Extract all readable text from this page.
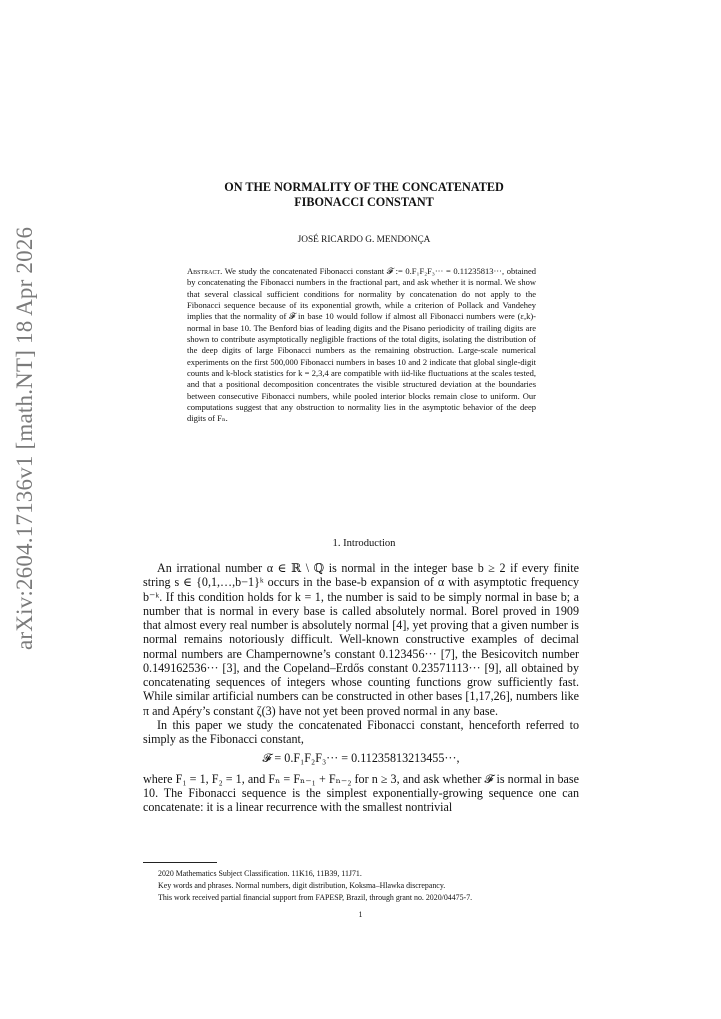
arXiv:2604.17136v1 [math.NT] 18 Apr 2026
ON THE NORMALITY OF THE CONCATENATED
FIBONACCI CONSTANT
JOSÉ RICARDO G. MENDONÇA
Abstract. We study the concatenated Fibonacci constant 𝓕 := 0.F₁F₂F₃··· = 0.11235813···, obtained by concatenating the Fibonacci numbers in the fractional part, and ask whether it is normal. We show that several classical sufficient conditions for normality by concatenation do not apply to the Fibonacci sequence because of its exponential growth, while a criterion of Pollack and Vandehey implies that the normality of 𝓕 in base 10 would follow if almost all Fibonacci numbers were (ε,k)-normal in base 10. The Benford bias of leading digits and the Pisano periodicity of trailing digits are shown to contribute asymptotically negligible fractions of the total digits, isolating the distribution of the deep digits of large Fibonacci numbers as the remaining obstruction. Large-scale numerical experiments on the first 500,000 Fibonacci numbers in bases 10 and 2 indicate that global single-digit counts and k-block statistics for k = 2,3,4 are compatible with iid-like fluctuations at the scales tested, and that a positional decomposition concentrates the visible structured deviation at the boundaries between consecutive Fibonacci numbers, while pooled interior blocks remain close to uniform. Our computations suggest that any obstruction to normality lies in the asymptotic behavior of the deep digits of Fₙ.
1. Introduction

An irrational number α ∈ ℝ \ ℚ is normal in the integer base b ≥ 2 if every finite string s ∈ {0,1,…,b−1}ᵏ occurs in the base-b expansion of α with asymptotic frequency b⁻ᵏ. If this condition holds for k = 1, the number is said to be simply normal in base b; a number that is normal in every base is called absolutely normal. Borel proved in 1909 that almost every real number is absolutely normal [4], yet proving that a given number is normal remains notoriously difficult. Well-known constructive examples of decimal normal numbers are Champernowne’s constant 0.123456··· [7], the Besicovitch number 0.149162536··· [3], and the Copeland–Erdős constant 0.23571113··· [9], all obtained by concatenating sequences of integers whose counting functions grow sufficiently fast. While similar artificial numbers can be constructed in other bases [1,17,26], numbers like π and Apéry’s constant ζ(3) have not yet been proved normal in any base.

In this paper we study the concatenated Fibonacci constant, henceforth referred to simply as the Fibonacci constant,

𝓕 = 0.F₁F₂F₃··· = 0.11235813213455···,

where F₁ = 1, F₂ = 1, and Fₙ = Fₙ₋₁ + Fₙ₋₂ for n ≥ 3, and ask whether 𝓕 is normal in base 10. The Fibonacci sequence is the simplest exponentially-growing sequence one can concatenate: it is a linear recurrence with the smallest nontrivial

2020 Mathematics Subject Classification. 11K16, 11B39, 11J71.
Key words and phrases. Normal numbers, digit distribution, Koksma–Hlawka discrepancy.
This work received partial financial support from FAPESP, Brazil, through grant no. 2020/04475-7.
1
